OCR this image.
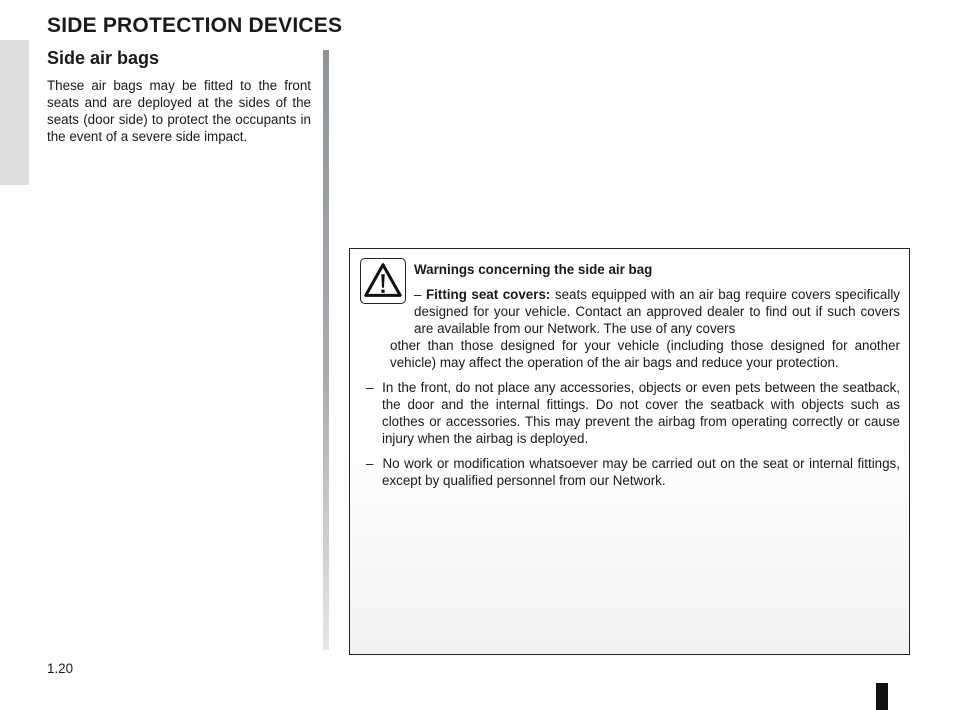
SIDE PROTECTION DEVICES
Side air bags

These air bags may be fitted to the front seats and are deployed at the sides of the seats (door side) to protect the occupants in the event of a severe side impact.

Warnings concerning the side air bag

– Fitting seat covers: seats equipped with an air bag require covers specifically designed for your vehicle. Contact an approved dealer to find out if such covers are available from our Network. The use of any covers
other than those designed for your vehicle (including those designed for another vehicle) may affect the operation of the air bags and reduce your protection.

– In the front, do not place any accessories, objects or even pets between the seatback, the door and the internal fittings. Do not cover the seatback with objects such as clothes or accessories. This may prevent the airbag from operating correctly or cause injury when the airbag is deployed.

– No work or modification whatsoever may be carried out on the seat or internal fittings, except by qualified personnel from our Network.

1.20
